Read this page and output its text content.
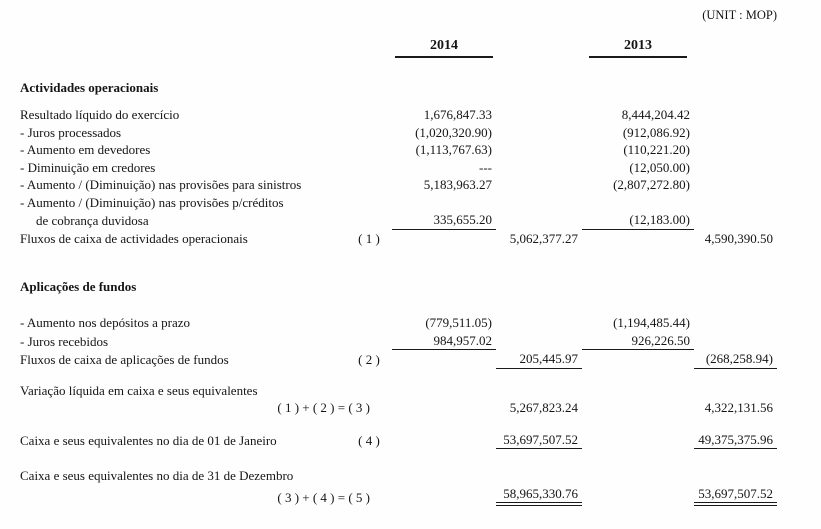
(UNIT : MOP)
2014	2013
Actividades operacionais
Resultado líquido do exercício	1,676,847.33	8,444,204.42
- Juros processados	(1,020,320.90)	(912,086.92)
- Aumento em devedores	(1,113,767.63)	(110,221.20)
- Diminuição em credores	---	(12,050.00)
- Aumento / (Diminuição) nas provisões para sinistros	5,183,963.27	(2,807,272.80)
- Aumento / (Diminuição) nas provisões p/créditos
de cobrança duvidosa	335,655.20	(12,183.00)
Fluxos de caixa de actividades operacionais	( 1 )	5,062,377.27	4,590,390.50
Aplicações de fundos
- Aumento nos depósitos a prazo	(779,511.05)	(1,194,485.44)
- Juros recebidos	984,957.02	926,226.50
Fluxos de caixa de aplicações de fundos	( 2 )	205,445.97	(268,258.94)
Variação líquida em caixa e seus equivalentes
( 1 ) + ( 2 ) = ( 3 )	5,267,823.24	4,322,131.56
Caixa e seus equivalentes no dia de 01 de Janeiro	( 4 )	53,697,507.52	49,375,375.96
Caixa e seus equivalentes no dia de 31 de Dezembro
( 3 ) + ( 4 ) = ( 5 )	58,965,330.76	53,697,507.52
